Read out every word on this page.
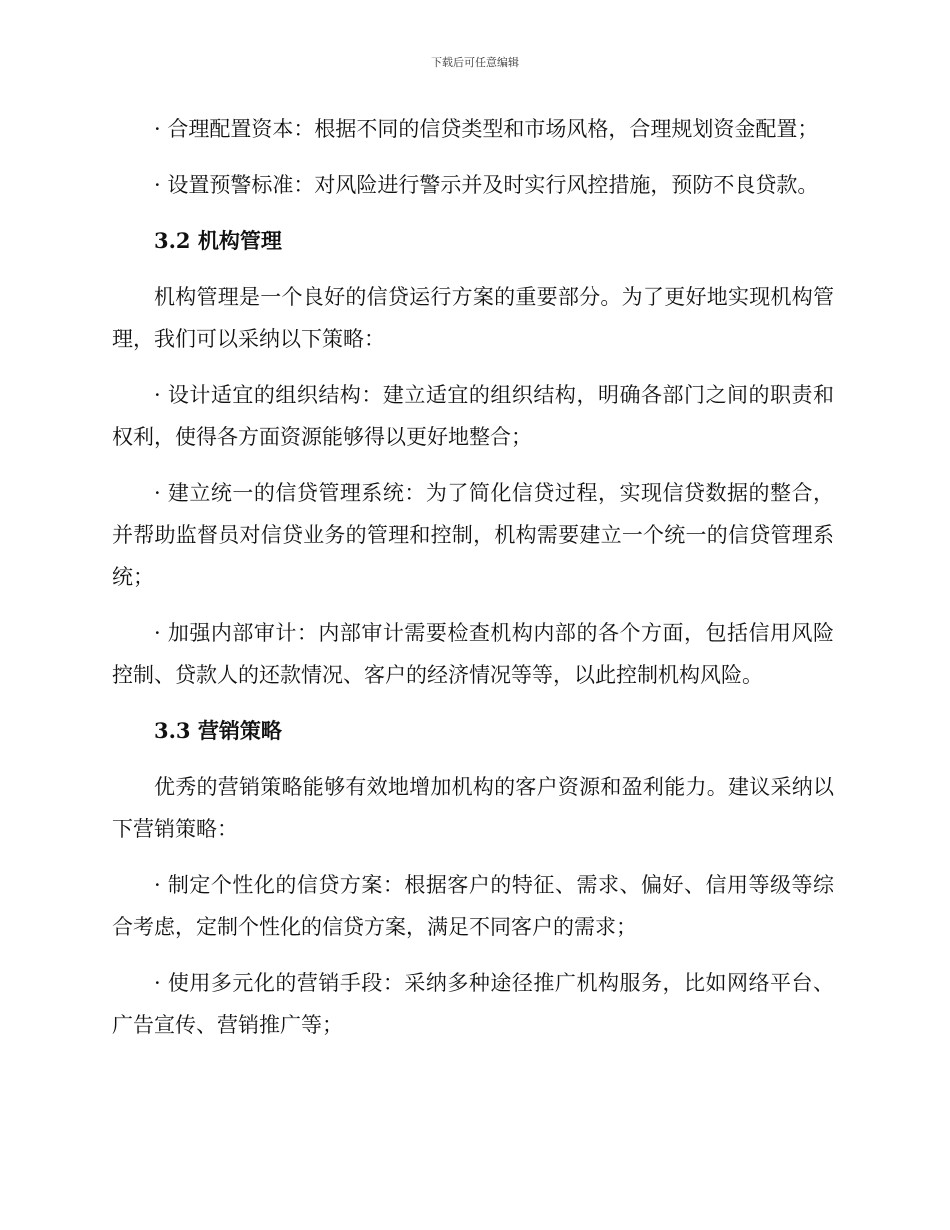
下载后可任意编辑

· 合理配置资本：根据不同的信贷类型和市场风格，合理规划资金配置；

· 设置预警标准：对风险进行警示并及时实行风控措施，预防不良贷款。

3.2 机构管理

机构管理是一个良好的信贷运行方案的重要部分。为了更好地实现机构管理，我们可以采纳以下策略：

· 设计适宜的组织结构：建立适宜的组织结构，明确各部门之间的职责和权利，使得各方面资源能够得以更好地整合；

· 建立统一的信贷管理系统：为了简化信贷过程，实现信贷数据的整合，并帮助监督员对信贷业务的管理和控制，机构需要建立一个统一的信贷管理系统；

· 加强内部审计：内部审计需要检查机构内部的各个方面，包括信用风险控制、贷款人的还款情况、客户的经济情况等等，以此控制机构风险。

3.3 营销策略

优秀的营销策略能够有效地增加机构的客户资源和盈利能力。建议采纳以下营销策略：

· 制定个性化的信贷方案：根据客户的特征、需求、偏好、信用等级等综合考虑，定制个性化的信贷方案，满足不同客户的需求；

· 使用多元化的营销手段：采纳多种途径推广机构服务，比如网络平台、广告宣传、营销推广等；
